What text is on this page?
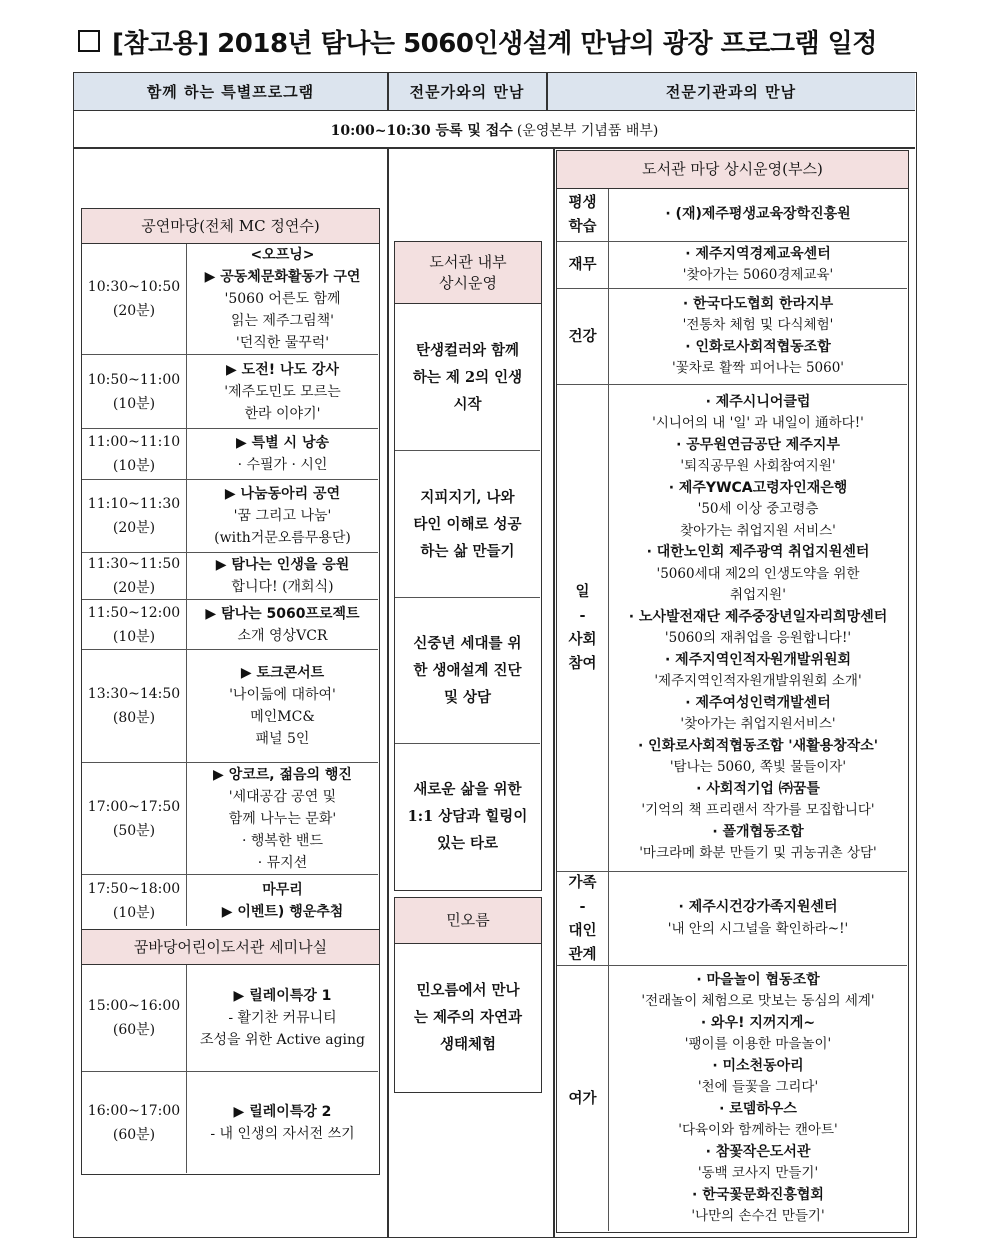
[참고용] 2018년 탐나는 5060인생설계 만남의 광장 프로그램 일정
함께 하는 특별프로그램	전문가와의 만남	전문기관과의 만남
10:00~10:30 등록 및 접수 (운영본부 기념품 배부)
공연마당(전체 MC 정연수)
10:30~10:50
(20분)
<오프닝>
▶ 공동체문화활동가 구연
'5060 어른도 함께
읽는 제주그림책'
'던직한 물꾸럭'
10:50~11:00
(10분)
▶ 도전! 나도 강사
'제주도민도 모르는
한라 이야기'
11:00~11:10
(10분)
▶ 특별 시 낭송
· 수필가 · 시인
11:10~11:30
(20분)
▶ 나눔동아리 공연
'꿈 그리고 나눔'
(with거문오름무용단)
11:30~11:50
(20분)
▶ 탐나는 인생을 응원
합니다! (개회식)
11:50~12:00
(10분)
▶ 탐나는 5060프로젝트
소개 영상VCR
13:30~14:50
(80분)
▶ 토크콘서트
'나이듦에 대하여'
메인MC&
패널 5인
17:00~17:50
(50분)
▶ 앙코르, 젊음의 행진
'세대공감 공연 및
함께 나누는 문화'
· 행복한 밴드
· 뮤지션
17:50~18:00
(10분)
마무리
▶ 이벤트) 행운추첨
꿈바당어린이도서관 세미나실
15:00~16:00
(60분)
▶ 릴레이특강 1
- 활기찬 커뮤니티
조성을 위한 Active aging
16:00~17:00
(60분)
▶ 릴레이특강 2
- 내 인생의 자서전 쓰기
도서관 내부
상시운영
탄생컬러와 함께
하는 제 2의 인생
시작
지피지기, 나와
타인 이해로 성공
하는 삶 만들기
신중년 세대를 위
한 생애설계 진단
및 상담
새로운 삶을 위한
1:1 상담과 힐링이
있는 타로
민오름
민오름에서 만나
는 제주의 자연과
생태체험
도서관 마당 상시운영(부스)
평생
학습
· (재)제주평생교육장학진흥원
재무
· 제주지역경제교육센터
'찾아가는 5060경제교육'
건강
· 한국다도협회 한라지부
'전통차 체험 및 다식체험'
· 인화로사회적협동조합
'꽃차로 활짝 피어나는 5060'
일
-
사회
참여
· 제주시니어클럽
'시니어의 내 '일' 과 내일이 通하다!'
· 공무원연금공단 제주지부
'퇴직공무원 사회참여지원'
· 제주YWCA고령자인재은행
'50세 이상 중고령층
찾아가는 취업지원 서비스'
· 대한노인회 제주광역 취업지원센터
'5060세대 제2의 인생도약을 위한
취업지원'
· 노사발전재단 제주중장년일자리희망센터
'5060의 재취업을 응원합니다!'
· 제주지역인적자원개발위원회
'제주지역인적자원개발위원회 소개'
· 제주여성인력개발센터
'찾아가는 취업지원서비스'
· 인화로사회적협동조합 '새활용창작소'
'탐나는 5060, 쪽빛 물들이자'
· 사회적기업 ㈜꿈틀
'기억의 책 프리랜서 작가를 모집합니다'
· 폴개협동조합
'마크라메 화분 만들기 및 귀농귀촌 상담'
가족
-
대인
관계
· 제주시건강가족지원센터
'내 안의 시그널을 확인하라~!'
여가
· 마을놀이 협동조합
'전래놀이 체험으로 맛보는 동심의 세계'
· 와우! 지꺼지게~
'팽이를 이용한 마을놀이'
· 미소천동아리
'천에 들꽃을 그리다'
· 로뎀하우스
'다육이와 함께하는 캔아트'
· 참꽃작은도서관
'동백 코사지 만들기'
· 한국꽃문화진흥협회
'나만의 손수건 만들기'
